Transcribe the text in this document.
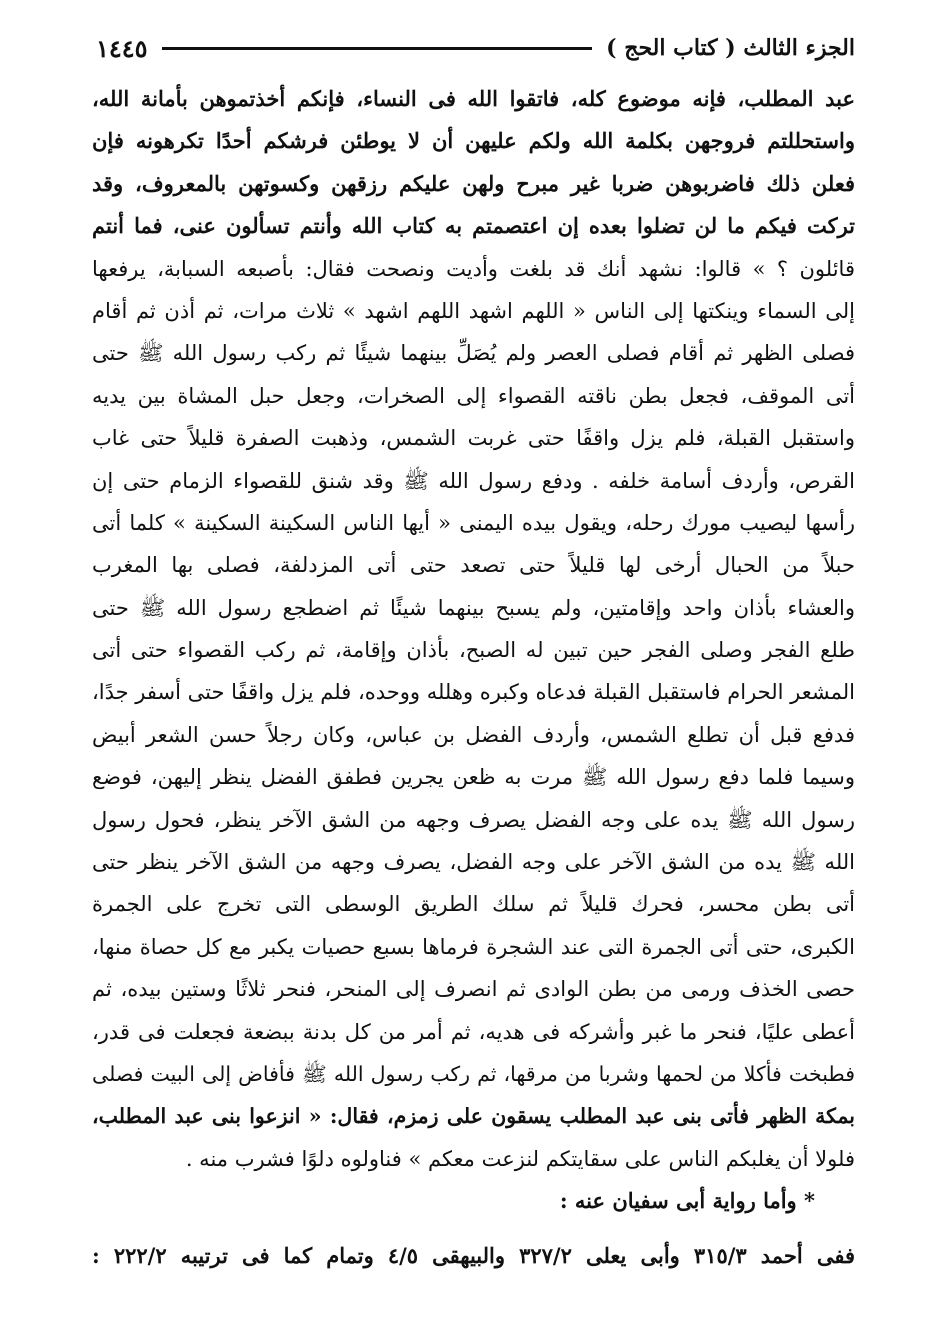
الجزء الثالث ( كتاب الحج )
١٤٤٥
عبد المطلب، فإنه موضوع كله، فاتقوا الله فى النساء، فإنكم أخذتموهن بأمانة الله،
واستحللتم فروجهن بكلمة الله ولكم عليهن أن لا يوطئن فرشكم أحدًا تكرهونه فإن
فعلن ذلك فاضربوهن ضربا غير مبرح ولهن عليكم رزقهن وكسوتهن بالمعروف، وقد
تركت فيكم ما لن تضلوا بعده إن اعتصمتم به كتاب الله وأنتم تسألون عنى، فما أنتم
قائلون ؟ » قالوا: نشهد أنك قد بلغت وأديت ونصحت فقال: بأصبعه السبابة، يرفعها
إلى السماء وينكتها إلى الناس « اللهم اشهد اللهم اشهد » ثلاث مرات، ثم أذن ثم أقام
فصلى الظهر ثم أقام فصلى العصر ولم يُصَلِّ بينهما شيئًا ثم ركب رسول الله ﷺ حتى
أتى الموقف، فجعل بطن ناقته القصواء إلى الصخرات، وجعل حبل المشاة بين يديه
واستقبل القبلة، فلم يزل واقفًا حتى غربت الشمس، وذهبت الصفرة قليلاً حتى غاب
القرص، وأردف أسامة خلفه . ودفع رسول الله ﷺ وقد شنق للقصواء الزمام حتى إن
رأسها ليصيب مورك رحله، ويقول بيده اليمنى « أيها الناس السكينة السكينة » كلما أتى
حبلاً من الحبال أرخى لها قليلاً حتى تصعد حتى أتى المزدلفة، فصلى بها المغرب
والعشاء بأذان واحد وإقامتين، ولم يسبح بينهما شيئًا ثم اضطجع رسول الله ﷺ حتى
طلع الفجر وصلى الفجر حين تبين له الصبح، بأذان وإقامة، ثم ركب القصواء حتى أتى
المشعر الحرام فاستقبل القبلة فدعاه وكبره وهلله ووحده، فلم يزل واقفًا حتى أسفر جدًا،
فدفع قبل أن تطلع الشمس، وأردف الفضل بن عباس، وكان رجلاً حسن الشعر أبيض
وسيما فلما دفع رسول الله ﷺ مرت به ظعن يجرين فطفق الفضل ينظر إليهن، فوضع
رسول الله ﷺ يده على وجه الفضل يصرف وجهه من الشق الآخر ينظر، فحول رسول
الله ﷺ يده من الشق الآخر على وجه الفضل، يصرف وجهه من الشق الآخر ينظر حتى
أتى بطن محسر، فحرك قليلاً ثم سلك الطريق الوسطى التى تخرج على الجمرة
الكبرى، حتى أتى الجمرة التى عند الشجرة فرماها بسبع حصيات يكبر مع كل حصاة منها،
حصى الخذف ورمى من بطن الوادى ثم انصرف إلى المنحر، فنحر ثلاثًا وستين بيده، ثم
أعطى عليًا، فنحر ما غبر وأشركه فى هديه، ثم أمر من كل بدنة ببضعة فجعلت فى قدر،
فطبخت فأكلا من لحمها وشربا من مرقها، ثم ركب رسول الله ﷺ فأفاض إلى البيت فصلى
بمكة الظهر فأتى بنى عبد المطلب يسقون على زمزم، فقال: « انزعوا بنى عبد المطلب،
فلولا أن يغلبكم الناس على سقايتكم لنزعت معكم » فناولوه دلوًا فشرب منه .
* وأما رواية أبى سفيان عنه :
ففى أحمد ٣١٥/٣ وأبى يعلى ٣٢٧/٢ والبيهقى ٤/٥ وتمام كما فى ترتيبه ٢٢٢/٢ :
